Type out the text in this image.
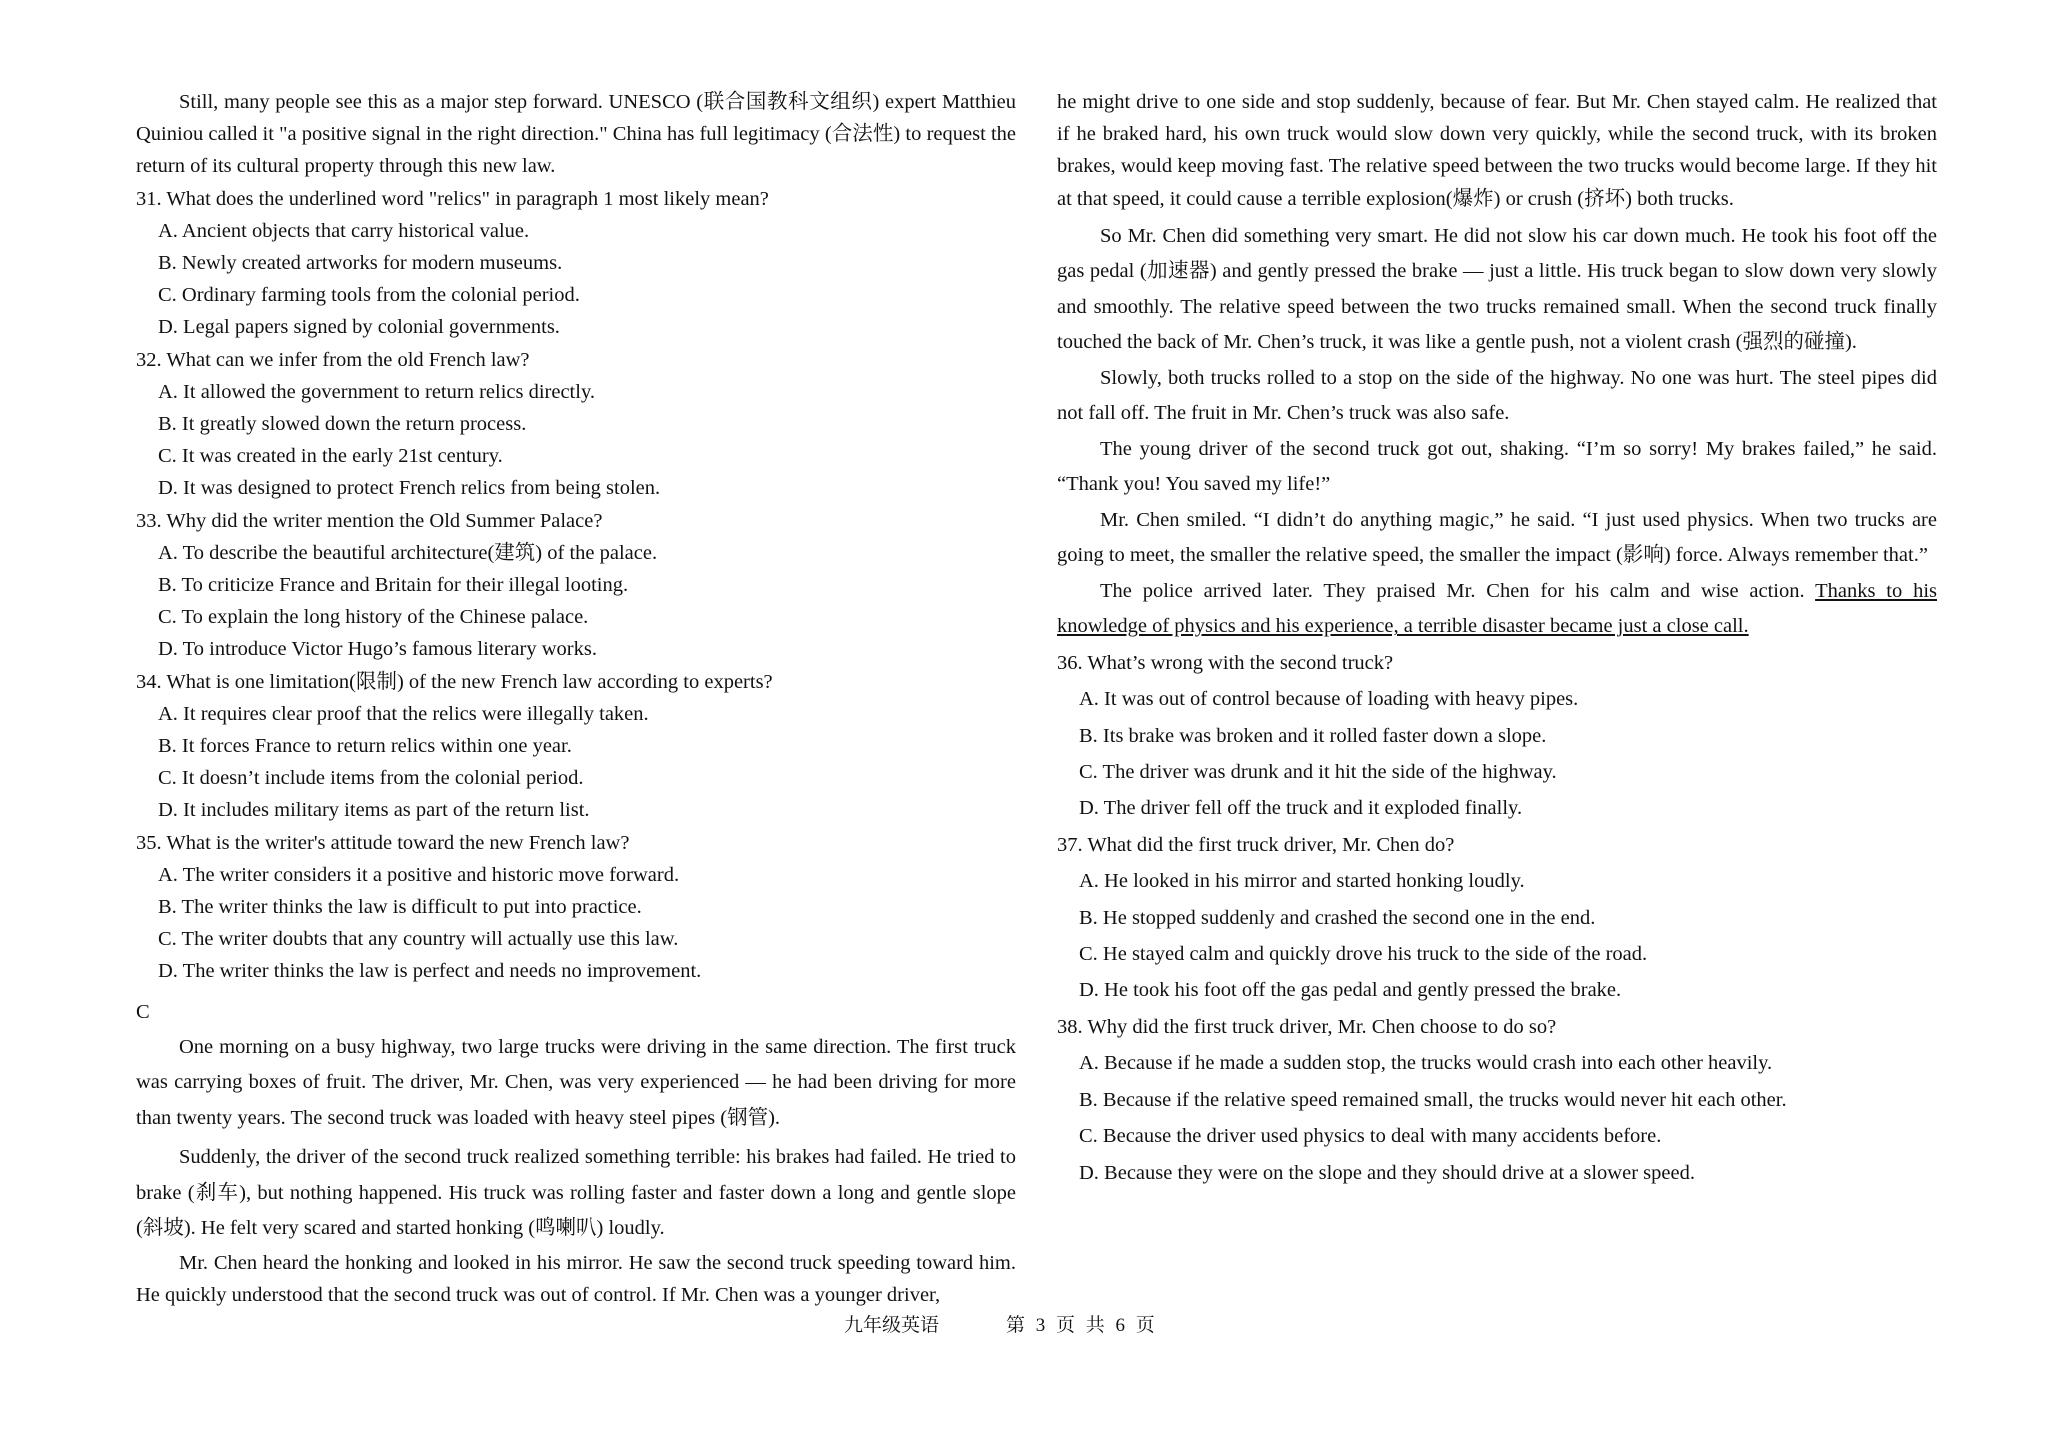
Still, many people see this as a major step forward. UNESCO (联合国教科文组织) expert Matthieu Quiniou called it "a positive signal in the right direction." China has full legitimacy (合法性) to request the return of its cultural property through this new law.

31. What does the underlined word "relics" in paragraph 1 most likely mean?

A. Ancient objects that carry historical value.

B. Newly created artworks for modern museums.

C. Ordinary farming tools from the colonial period.

D. Legal papers signed by colonial governments.

32. What can we infer from the old French law?

A. It allowed the government to return relics directly.

B. It greatly slowed down the return process.

C. It was created in the early 21st century.

D. It was designed to protect French relics from being stolen.

33. Why did the writer mention the Old Summer Palace?

A. To describe the beautiful architecture(建筑) of the palace.

B. To criticize France and Britain for their illegal looting.

C. To explain the long history of the Chinese palace.

D. To introduce Victor Hugo’s famous literary works.

34. What is one limitation(限制) of the new French law according to experts?

A. It requires clear proof that the relics were illegally taken.

B. It forces France to return relics within one year.

C. It doesn’t include items from the colonial period.

D. It includes military items as part of the return list.

35. What is the writer's attitude toward the new French law?

A. The writer considers it a positive and historic move forward.

B. The writer thinks the law is difficult to put into practice.

C. The writer doubts that any country will actually use this law.

D. The writer thinks the law is perfect and needs no improvement.

C

One morning on a busy highway, two large trucks were driving in the same direction. The first truck was carrying boxes of fruit. The driver, Mr. Chen, was very experienced — he had been driving for more than twenty years. The second truck was loaded with heavy steel pipes (钢管).

Suddenly, the driver of the second truck realized something terrible: his brakes had failed. He tried to brake (刹车), but nothing happened. His truck was rolling faster and faster down a long and gentle slope (斜坡). He felt very scared and started honking (鸣喇叭) loudly.

Mr. Chen heard the honking and looked in his mirror. He saw the second truck speeding toward him. He quickly understood that the second truck was out of control. If Mr. Chen was a younger driver,

he might drive to one side and stop suddenly, because of fear. But Mr. Chen stayed calm. He realized that if he braked hard, his own truck would slow down very quickly, while the second truck, with its broken brakes, would keep moving fast. The relative speed between the two trucks would become large. If they hit at that speed, it could cause a terrible explosion(爆炸) or crush (挤坏) both trucks.

So Mr. Chen did something very smart. He did not slow his car down much. He took his foot off the gas pedal (加速器) and gently pressed the brake — just a little. His truck began to slow down very slowly and smoothly. The relative speed between the two trucks remained small. When the second truck finally touched the back of Mr. Chen’s truck, it was like a gentle push, not a violent crash (强烈的碰撞).

Slowly, both trucks rolled to a stop on the side of the highway. No one was hurt. The steel pipes did not fall off. The fruit in Mr. Chen’s truck was also safe.

The young driver of the second truck got out, shaking. “I’m so sorry! My brakes failed,” he said. “Thank you! You saved my life!”

Mr. Chen smiled. “I didn’t do anything magic,” he said. “I just used physics. When two trucks are going to meet, the smaller the relative speed, the smaller the impact (影响) force. Always remember that.”

The police arrived later. They praised Mr. Chen for his calm and wise action. Thanks to his knowledge of physics and his experience, a terrible disaster became just a close call.

36. What’s wrong with the second truck?

A. It was out of control because of loading with heavy pipes.

B. Its brake was broken and it rolled faster down a slope.

C. The driver was drunk and it hit the side of the highway.

D. The driver fell off the truck and it exploded finally.

37. What did the first truck driver, Mr. Chen do?

A. He looked in his mirror and started honking loudly.

B. He stopped suddenly and crashed the second one in the end.

C. He stayed calm and quickly drove his truck to the side of the road.

D. He took his foot off the gas pedal and gently pressed the brake.

38. Why did the first truck driver, Mr. Chen choose to do so?

A. Because if he made a sudden stop, the trucks would crash into each other heavily.

B. Because if the relative speed remained small, the trucks would never hit each other.

C. Because the driver used physics to deal with many accidents before.

D. Because they were on the slope and they should drive at a slower speed.

九年级英语	第 3 页 共 6 页
